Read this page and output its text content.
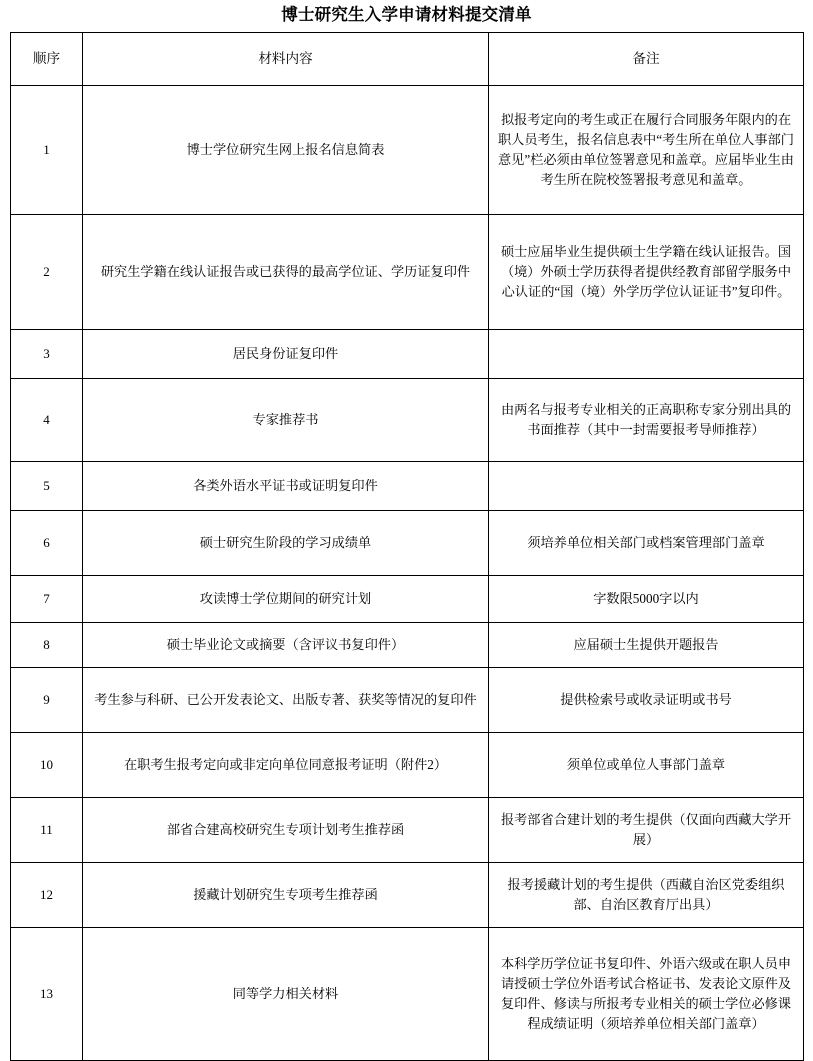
博士研究生入学申请材料提交清单
顺序	材料内容	备注
1	博士学位研究生网上报名信息简表	拟报考定向的考生或正在履行合同服务年限内的在职人员考生，报名信息表中“考生所在单位人事部门意见”栏必须由单位签署意见和盖章。应届毕业生由考生所在院校签署报考意见和盖章。
2	研究生学籍在线认证报告或已获得的最高学位证、学历证复印件	硕士应届毕业生提供硕士生学籍在线认证报告。国（境）外硕士学历获得者提供经教育部留学服务中心认证的“国（境）外学历学位认证证书”复印件。
3	居民身份证复印件	
4	专家推荐书	由两名与报考专业相关的正高职称专家分别出具的书面推荐（其中一封需要报考导师推荐）
5	各类外语水平证书或证明复印件	
6	硕士研究生阶段的学习成绩单	须培养单位相关部门或档案管理部门盖章
7	攻读博士学位期间的研究计划	字数限5000字以内
8	硕士毕业论文或摘要（含评议书复印件）	应届硕士生提供开题报告
9	考生参与科研、已公开发表论文、出版专著、获奖等情况的复印件	提供检索号或收录证明或书号
10	在职考生报考定向或非定向单位同意报考证明（附件2）	须单位或单位人事部门盖章
11	部省合建高校研究生专项计划考生推荐函	报考部省合建计划的考生提供（仅面向西藏大学开展）
12	援藏计划研究生专项考生推荐函	报考援藏计划的考生提供（西藏自治区党委组织部、自治区教育厅出具）
13	同等学力相关材料	本科学历学位证书复印件、外语六级或在职人员申请授硕士学位外语考试合格证书、发表论文原件及复印件、修读与所报考专业相关的硕士学位必修课程成绩证明（须培养单位相关部门盖章）
